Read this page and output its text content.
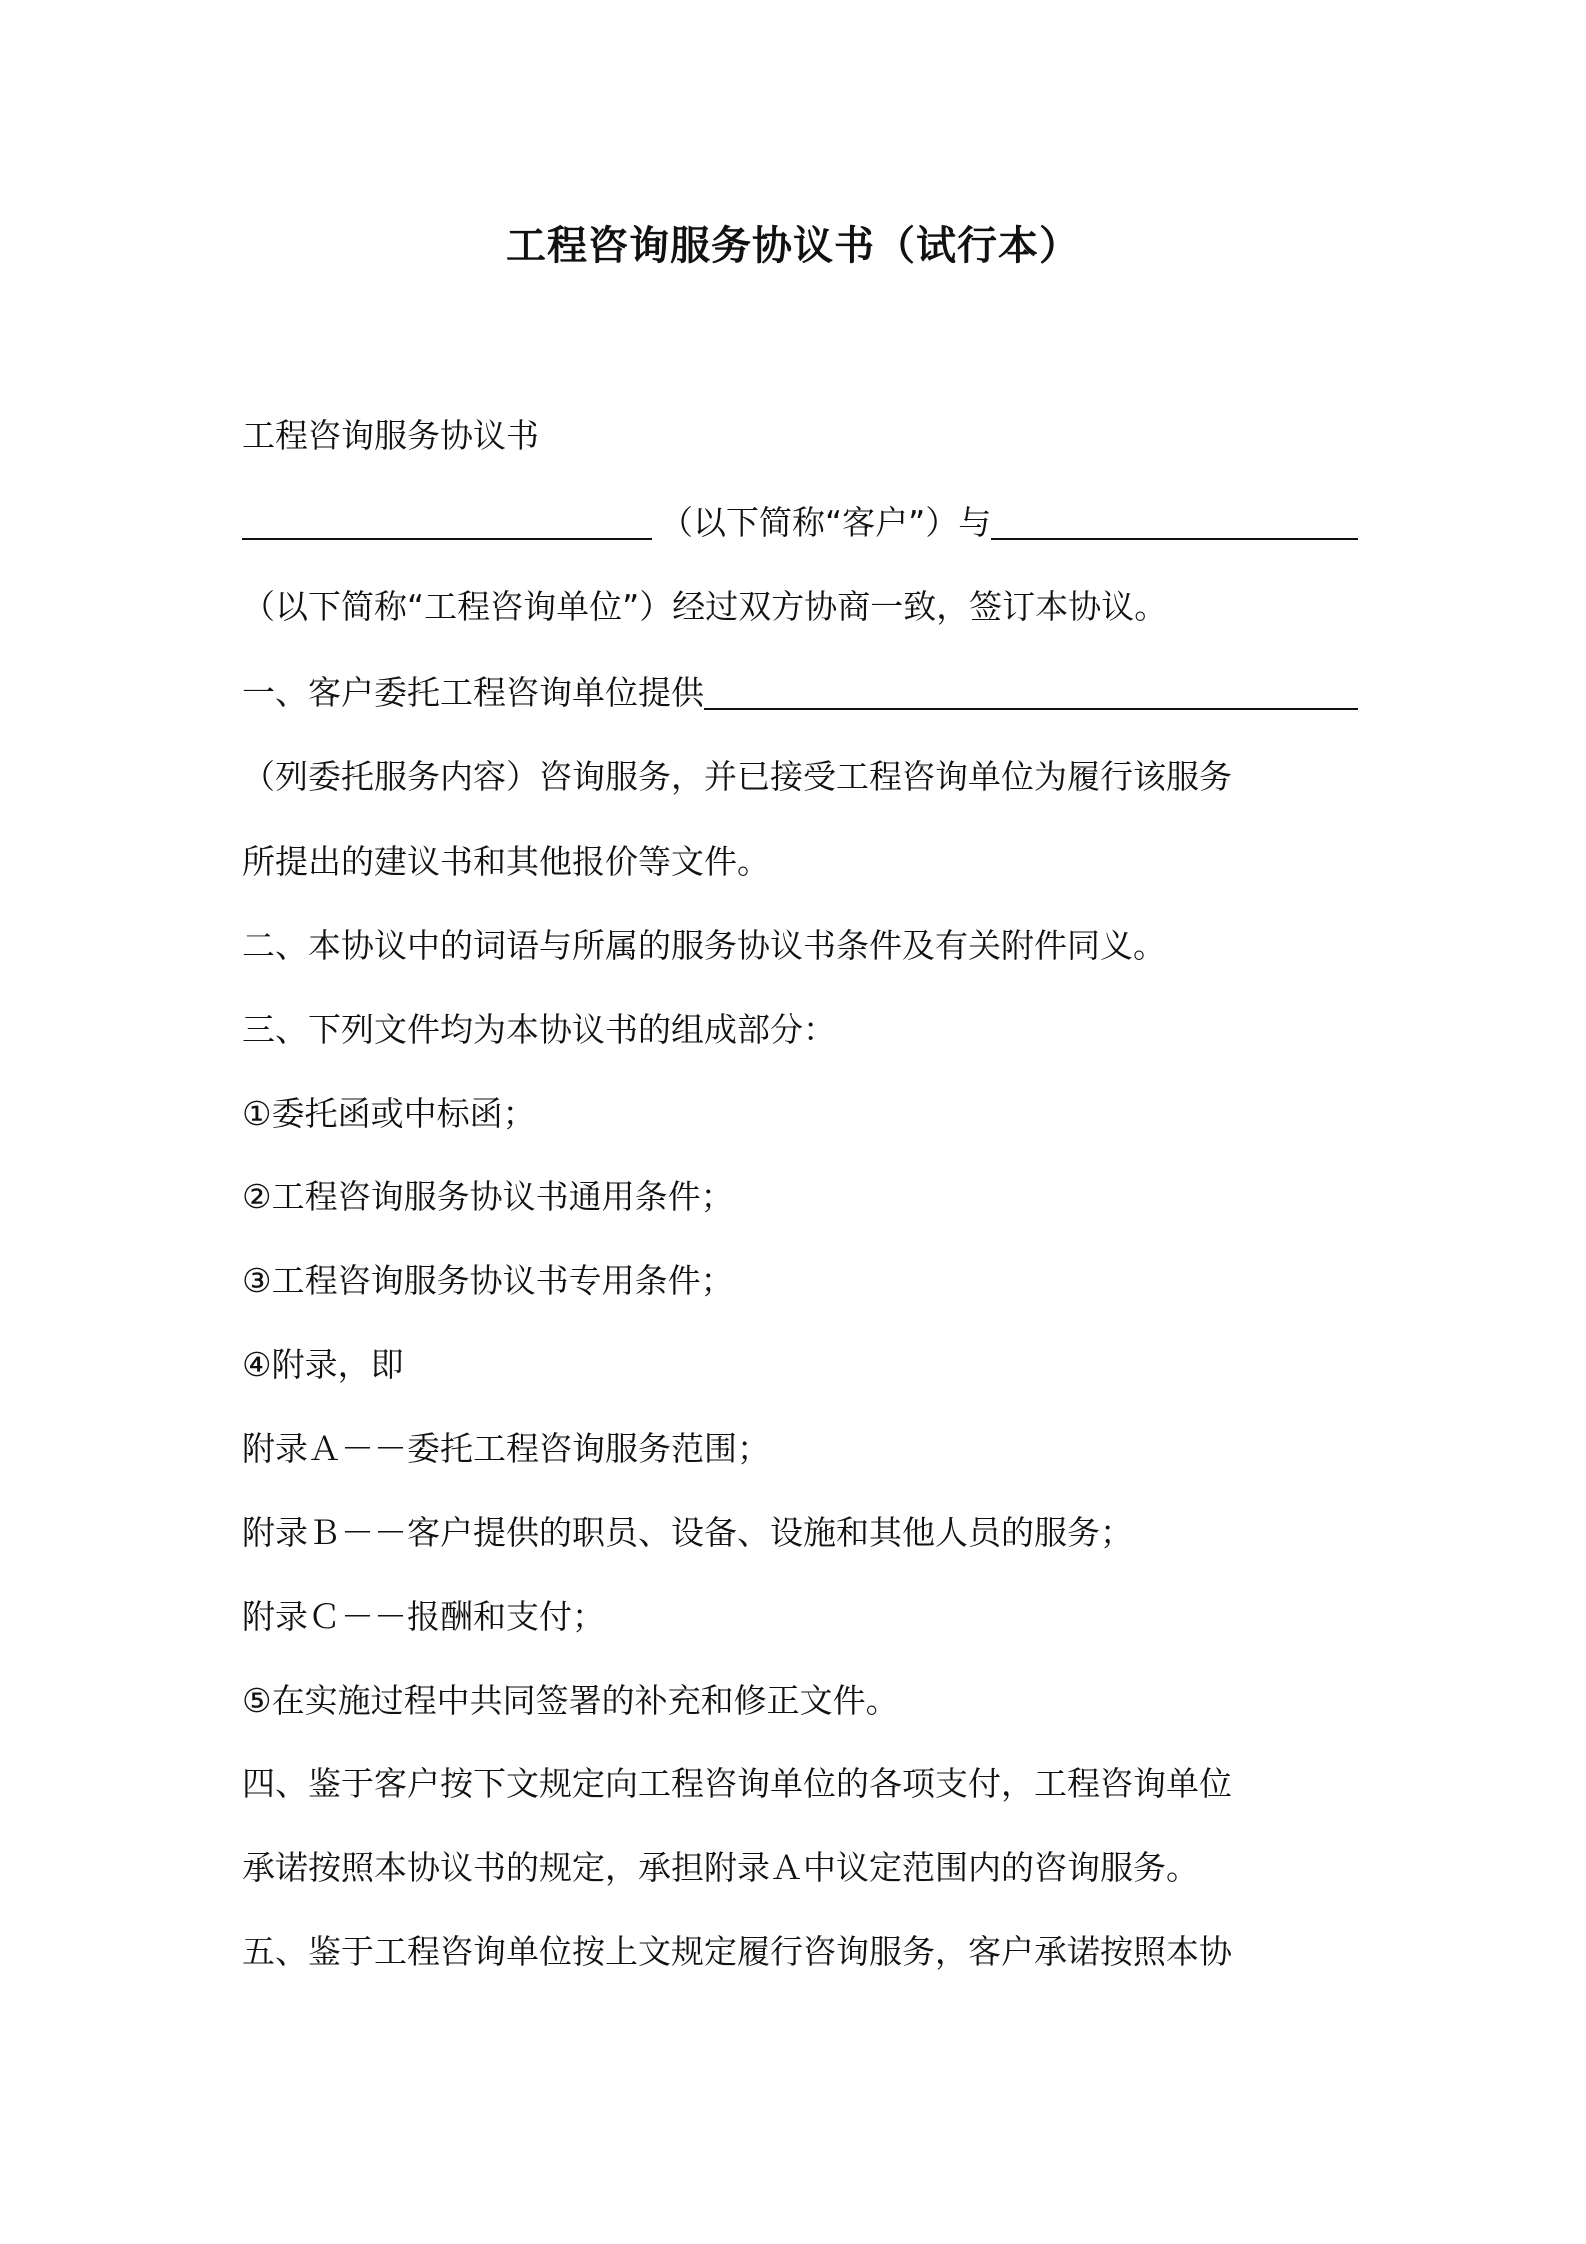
工程咨询服务协议书（试行本）
工程咨询服务协议书
（以下简称“客户”）与
（以下简称“工程咨询单位”）经过双方协商一致，签订本协议。
一、客户委托工程咨询单位提供
（列委托服务内容）咨询服务，并已接受工程咨询单位为履行该服务
所提出的建议书和其他报价等文件。
二、本协议中的词语与所属的服务协议书条件及有关附件同义。
三、下列文件均为本协议书的组成部分：
①委托函或中标函；
②工程咨询服务协议书通用条件；
③工程咨询服务协议书专用条件；
④附录，即
附录Ａ－－委托工程咨询服务范围；
附录Ｂ－－客户提供的职员、设备、设施和其他人员的服务；
附录Ｃ－－报酬和支付；
⑤在实施过程中共同签署的补充和修正文件。
四、鉴于客户按下文规定向工程咨询单位的各项支付，工程咨询单位
承诺按照本协议书的规定，承担附录Ａ中议定范围内的咨询服务。
五、鉴于工程咨询单位按上文规定履行咨询服务，客户承诺按照本协
